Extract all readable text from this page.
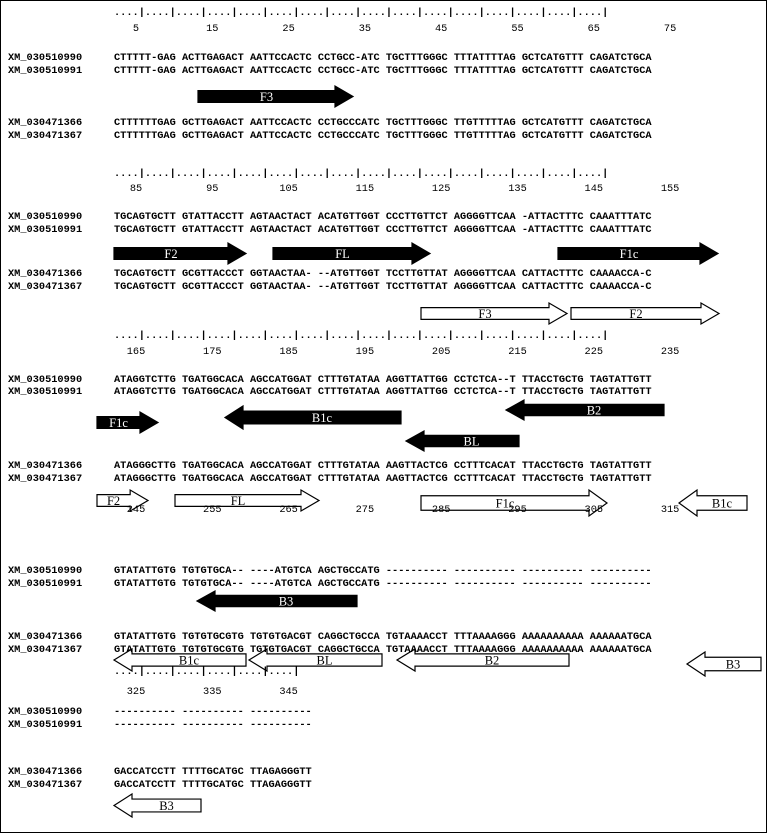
F3
F2	FL	F1c
F3	F2
F1c	B1c
B2
BL
F2	FL	F1c	B1c
B3
B1c	BL	B2	B3
B3
....|....|....|....|....|....|....|....|....|....|....|....|....|....|....|....|
5	15	25	35	45	55	65	75
XM_030510990	CTTTTT-GAG ACTTGAGACT AATTCCACTC CCTGCC-ATC TGCTTTGGGC TTTATTTTAG GCTCATGTTT CAGATCTGCA
XM_030510991	CTTTTT-GAG ACTTGAGACT AATTCCACTC CCTGCC-ATC TGCTTTGGGC TTTATTTTAG GCTCATGTTT CAGATCTGCA
XM_030471366	CTTTTTTGAG GCTTGAGACT AATTCCACTC CCTGCCCATC TGCTTTGGGC TTGTTTTTAG GCTCATGTTT CAGATCTGCA
XM_030471367	CTTTTTTGAG GCTTGAGACT AATTCCACTC CCTGCCCATC TGCTTTGGGC TTGTTTTTAG GCTCATGTTT CAGATCTGCA
....|....|....|....|....|....|....|....|....|....|....|....|....|....|....|....|
85	95	105	115	125	135	145	155
XM_030510990	TGCAGTGCTT GTATTACCTT AGTAACTACT ACATGTTGGT CCCTTGTTCT AGGGGTTCAA -ATTACTTTC CAAATTTATC
XM_030510991	TGCAGTGCTT GTATTACCTT AGTAACTACT ACATGTTGGT CCCTTGTTCT AGGGGTTCAA -ATTACTTTC CAAATTTATC
XM_030471366	TGCAGTGCTT GCGTTACCCT GGTAACTAA- --ATGTTGGT TCCTTGTTAT AGGGGTTCAA CATTACTTTC CAAAACCA-C
XM_030471367	TGCAGTGCTT GCGTTACCCT GGTAACTAA- --ATGTTGGT TCCTTGTTAT AGGGGTTCAA CATTACTTTC CAAAACCA-C
....|....|....|....|....|....|....|....|....|....|....|....|....|....|....|....|
165	175	185	195	205	215	225	235
XM_030510990	ATAGGTCTTG TGATGGCACA AGCCATGGAT CTTTGTATAA AGGTTATTGG CCTCTCA--T TTACCTGCTG TAGTATTGTT
XM_030510991	ATAGGTCTTG TGATGGCACA AGCCATGGAT CTTTGTATAA AGGTTATTGG CCTCTCA--T TTACCTGCTG TAGTATTGTT
XM_030471366	ATAGGGCTTG TGATGGCACA AGCCATGGAT CTTTGTATAA AAGTTACTCG CCTTTCACAT TTACCTGCTG TAGTATTGTT
XM_030471367	ATAGGGCTTG TGATGGCACA AGCCATGGAT CTTTGTATAA AAGTTACTCG CCTTTCACAT TTACCTGCTG TAGTATTGTT
245	255	265	275	285	295	305	315
XM_030510990	GTATATTGTG TGTGTGCA-- ----ATGTCA AGCTGCCATG ---------- ---------- ---------- ----------
XM_030510991	GTATATTGTG TGTGTGCA-- ----ATGTCA AGCTGCCATG ---------- ---------- ---------- ----------
XM_030471366	GTATATTGTG TGTGTGCGTG TGTGTGACGT CAGGCTGCCA TGTAAAACCT TTTAAAAGGG AAAAAAAAAA AAAAAATGCA
XM_030471367	GTATATTGTG TGTGTGCGTG TGTGTGACGT CAGGCTGCCA TGTAAAACCT TTTAAAAGGG AAAAAAAAAA AAAAAATGCA
....|....|....|....|....|....|
325	335	345
XM_030510990	---------- ---------- ----------
XM_030510991	---------- ---------- ----------
XM_030471366	GACCATCCTT TTTTGCATGC TTAGAGGGTT
XM_030471367	GACCATCCTT TTTTGCATGC TTAGAGGGTT
